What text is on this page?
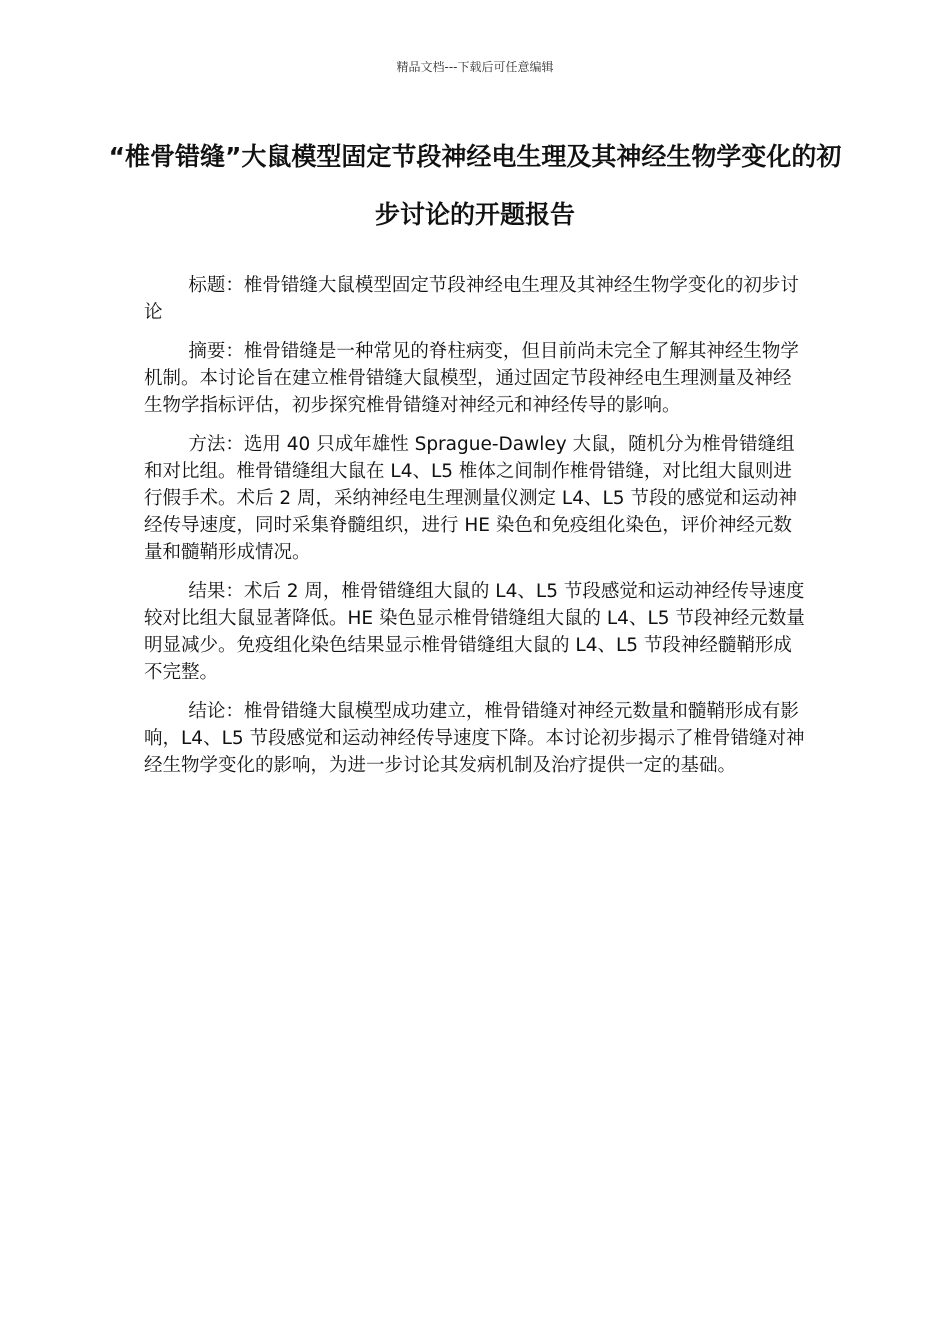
精品文档---下载后可任意编辑
“椎骨错缝”大鼠模型固定节段神经电生理及其神经生物学变化的初步讨论的开题报告

标题：椎骨错缝大鼠模型固定节段神经电生理及其神经生物学变化的初步讨论

摘要：椎骨错缝是一种常见的脊柱病变，但目前尚未完全了解其神经生物学机制。本讨论旨在建立椎骨错缝大鼠模型，通过固定节段神经电生理测量及神经生物学指标评估，初步探究椎骨错缝对神经元和神经传导的影响。

方法：选用 40 只成年雄性 Sprague-Dawley 大鼠，随机分为椎骨错缝组和对比组。椎骨错缝组大鼠在 L4、L5 椎体之间制作椎骨错缝，对比组大鼠则进行假手术。术后 2 周，采纳神经电生理测量仪测定 L4、L5 节段的感觉和运动神经传导速度，同时采集脊髓组织，进行 HE 染色和免疫组化染色，评价神经元数量和髓鞘形成情况。

结果：术后 2 周，椎骨错缝组大鼠的 L4、L5 节段感觉和运动神经传导速度较对比组大鼠显著降低。HE 染色显示椎骨错缝组大鼠的 L4、L5 节段神经元数量明显减少。免疫组化染色结果显示椎骨错缝组大鼠的 L4、L5 节段神经髓鞘形成不完整。

结论：椎骨错缝大鼠模型成功建立，椎骨错缝对神经元数量和髓鞘形成有影响，L4、L5 节段感觉和运动神经传导速度下降。本讨论初步揭示了椎骨错缝对神经生物学变化的影响，为进一步讨论其发病机制及治疗提供一定的基础。
